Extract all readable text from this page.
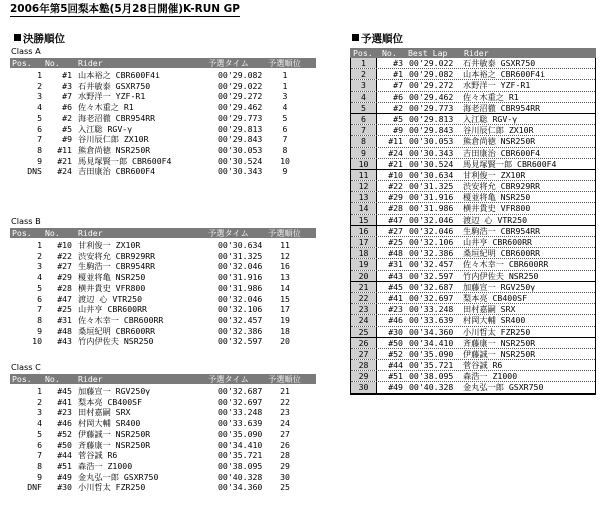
2006年第5回梨本塾(5月28日開催)K-RUN GP
決勝順位	予選順位
Class A
Pos. No. Rider	予選タイム 予選順位
1	#1 山本裕之 CBR600F4i	00'29.082	1
2	#3 石井敏泰 GSXR750	00'29.022	1
3	#7 水野洋一 YZF-R1	00'29.272	3
4	#6 佐々木重之 R1	00'29.462	4
5	#2 海老沼徹 CBR954RR	00'29.773	5
6	#5 入江聡 RGV-γ	00'29.813	6
7	#9 谷川辰仁郎 ZX10R	00'29.843	7
8	#11 熊倉尚徳 NSR250R	00'30.053	8
9	#21 馬見塚賢一郎 CBR600F4	00'30.524	10
DNS	#24 吉田康治 CBR600F4	00'30.343	9
Class B
Pos. No. Rider	予選タイム 予選順位
1	#10 甘利俊一 ZX10R	00'30.634	11
2	#22 渋安将允 CBR929RR	00'31.325	12
3	#27 生駒浩一 CBR954RR	00'32.046	16
4	#29 榎並将亀 NSR250	00'31.916	13
5	#28 横井貴史 VFR800	00'31.986	14
6	#47 渡辺 心 VTR250	00'32.046	15
7	#25 山井亨 CBR600RR	00'32.106	17
8	#31 佐々木幸一 CBR600RR	00'32.457	19
9	#48 桑垣紀明 CBR600RR	00'32.386	18
10	#43 竹内伊佐夫 NSR250	00'32.597	20
Class C
Pos. No. Rider	予選タイム 予選順位
1	#45 加藤宣一 RGV250γ	00'32.687	21
2	#41 梨本亮 CB400SF	00'32.697	22
3	#23 田村嘉嗣 SRX	00'33.248	23
4	#46 村岡大輔 SR400	00'33.639	24
5	#52 伊藤誠一 NSR250R	00'35.090	27
6	#50 斉藤康一 NSR250R	00'34.410	26
7	#44 菅谷誠 R6	00'35.721	28
8	#51 森浩一 Z1000	00'38.095	29
9	#49 金丸弘一郎 GSXR750	00'40.328	30
DNF	#30 小川哲太 FZR250	00'34.360	25
Pos. No. Best Lap Rider
1	#3 00'29.022 石井敏泰 GSXR750
2	#1 00'29.082 山本裕之 CBR600F4i
3	#7 00'29.272 水野洋一 YZF-R1
4	#6 00'29.462 佐々木重之 R1
5	#2 00'29.773 海老沼徹 CBR954RR
6	#5 00'29.813 入江聡 RGV-γ
7	#9 00'29.843 谷川辰仁郎 ZX10R
8	#11 00'30.053 熊倉尚徳 NSR250R
9	#24 00'30.343 吉田康治 CBR600F4
10	#21 00'30.524 馬見塚賢一郎 CBR600F4
11	#10 00'30.634 甘利俊一 ZX10R
12	#22 00'31.325 渋安将允 CBR929RR
13	#29 00'31.916 榎並将亀 NSR250
14	#28 00'31.986 横井貴史 VFR800
15	#47 00'32.046 渡辺 心 VTR250
16	#27 00'32.046 生駒浩一 CBR954RR
17	#25 00'32.106 山井亨 CBR600RR
18	#48 00'32.386 桑垣紀明 CBR600RR
19	#31 00'32.457 佐々木幸一 CBR600RR
20	#43 00'32.597 竹内伊佐夫 NSR250
21	#45 00'32.687 加藤宣一 RGV250γ
22	#41 00'32.697 梨本亮 CB400SF
23	#23 00'33.248 田村嘉嗣 SRX
24	#46 00'33.639 村岡大輔 SR400
25	#30 00'34.360 小川哲太 FZR250
26	#50 00'34.410 斉藤康一 NSR250R
27	#52 00'35.090 伊藤誠一 NSR250R
28	#44 00'35.721 菅谷誠 R6
29	#51 00'38.095 森浩一 Z1000
30	#49 00'40.328 金丸弘一郎 GSXR750
